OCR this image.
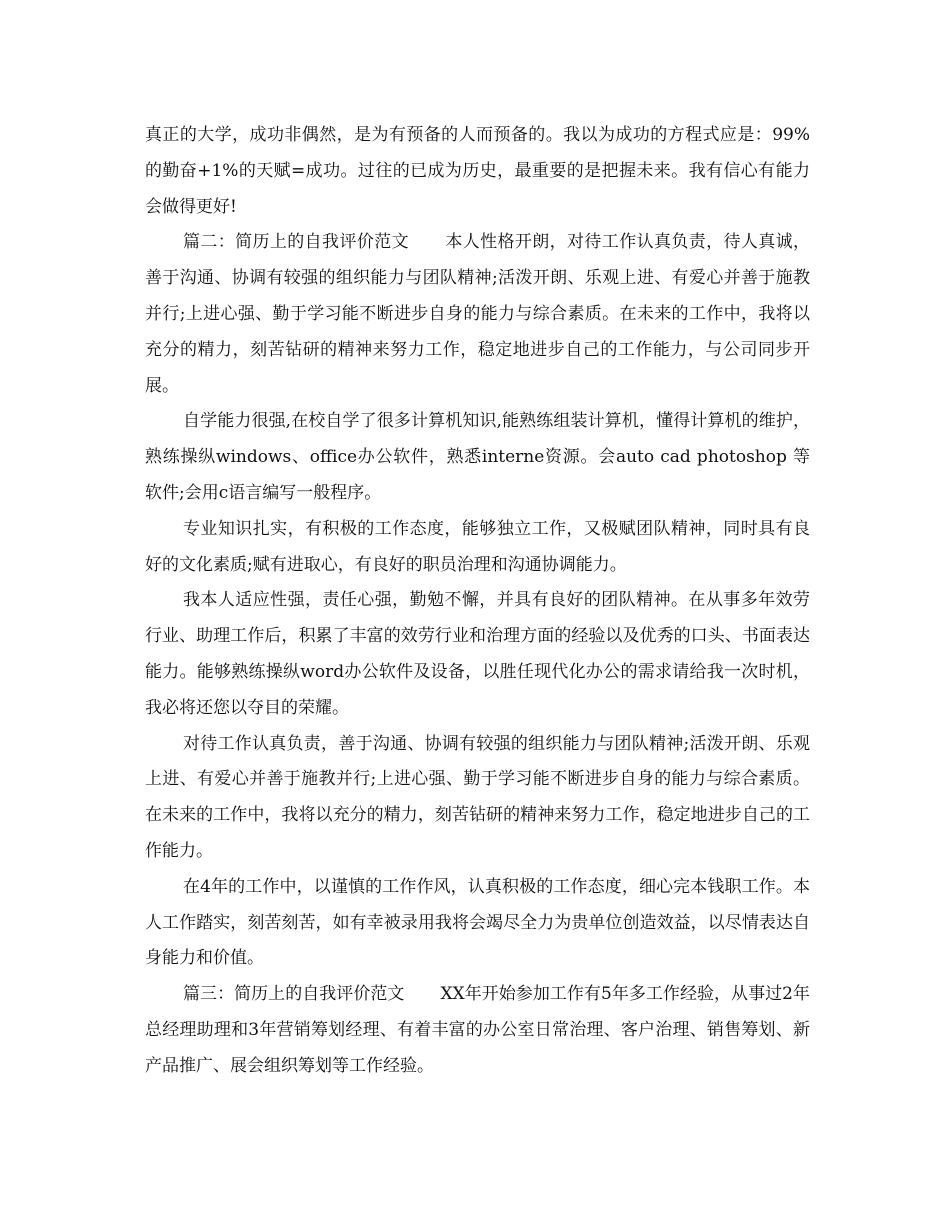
真正的大学，成功非偶然，是为有预备的人而预备的。我以为成功的方程式应是：99%的勤奋+1%的天赋=成功。过往的已成为历史，最重要的是把握未来。我有信心有能力会做得更好!

篇二：简历上的自我评价范文 本人性格开朗，对待工作认真负责，待人真诚，善于沟通、协调有较强的组织能力与团队精神;活泼开朗、乐观上进、有爱心并善于施教并行;上进心强、勤于学习能不断进步自身的能力与综合素质。在未来的工作中，我将以充分的精力，刻苦钻研的精神来努力工作，稳定地进步自己的工作能力，与公司同步开展。

自学能力很强,在校自学了很多计算机知识,能熟练组装计算机，懂得计算机的维护，熟练操纵windows、office办公软件，熟悉interne资源。会auto cad photoshop 等软件;会用c语言编写一般程序。

专业知识扎实，有积极的工作态度，能够独立工作，又极赋团队精神，同时具有良好的文化素质;赋有进取心，有良好的职员治理和沟通协调能力。

我本人适应性强，责任心强，勤勉不懈，并具有良好的团队精神。在从事多年效劳行业、助理工作后，积累了丰富的效劳行业和治理方面的经验以及优秀的口头、书面表达能力。能够熟练操纵word办公软件及设备，以胜任现代化办公的需求请给我一次时机，我必将还您以夺目的荣耀。

对待工作认真负责，善于沟通、协调有较强的组织能力与团队精神;活泼开朗、乐观上进、有爱心并善于施教并行;上进心强、勤于学习能不断进步自身的能力与综合素质。在未来的工作中，我将以充分的精力，刻苦钻研的精神来努力工作，稳定地进步自己的工作能力。

在4年的工作中，以谨慎的工作作风，认真积极的工作态度，细心完本钱职工作。本人工作踏实，刻苦刻苦，如有幸被录用我将会竭尽全力为贵单位创造效益，以尽情表达自身能力和价值。

篇三：简历上的自我评价范文 XX年开始参加工作有5年多工作经验，从事过2年总经理助理和3年营销筹划经理、有着丰富的办公室日常治理、客户治理、销售筹划、新产品推广、展会组织筹划等工作经验。
